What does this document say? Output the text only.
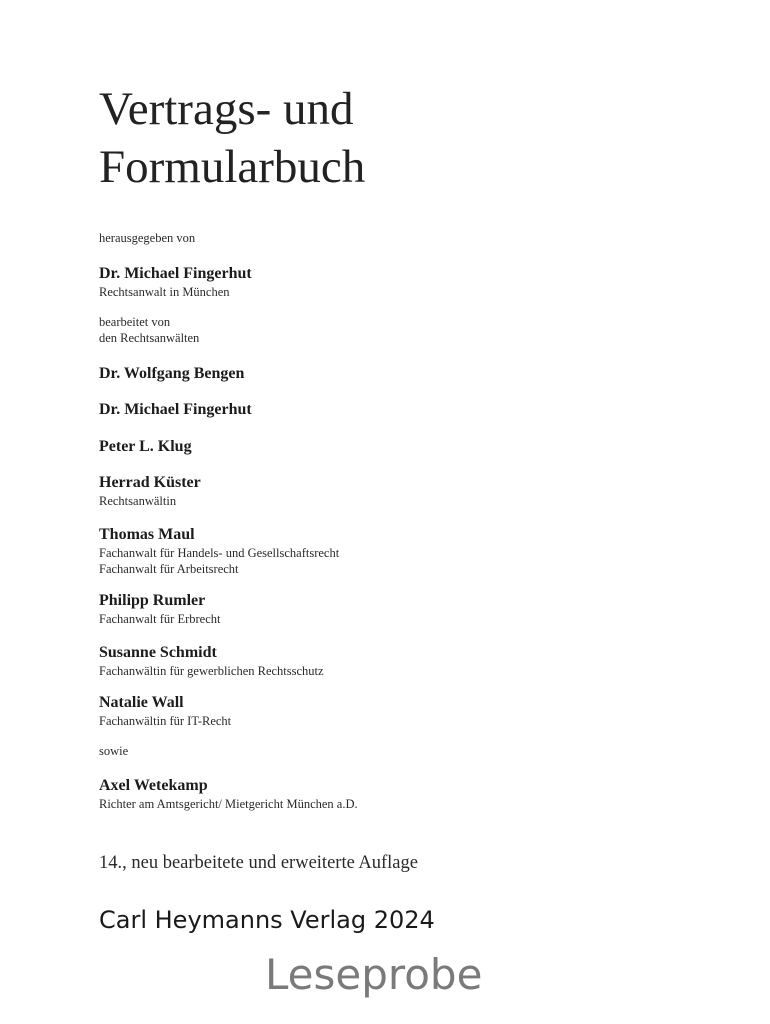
Vertrags- und
Formularbuch
herausgegeben von
Dr. Michael Fingerhut
Rechtsanwalt in München
bearbeitet von
den Rechtsanwälten
Dr. Wolfgang Bengen
Dr. Michael Fingerhut
Peter L. Klug
Herrad Küster
Rechtsanwältin
Thomas Maul
Fachanwalt für Handels- und Gesellschaftsrecht
Fachanwalt für Arbeitsrecht
Philipp Rumler
Fachanwalt für Erbrecht
Susanne Schmidt
Fachanwältin für gewerblichen Rechtsschutz
Natalie Wall
Fachanwältin für IT-Recht
sowie
Axel Wetekamp
Richter am Amtsgericht/ Mietgericht München a.D.
14., neu bearbeitete und erweiterte Auflage
Carl Heymanns Verlag 2024
Leseprobe
